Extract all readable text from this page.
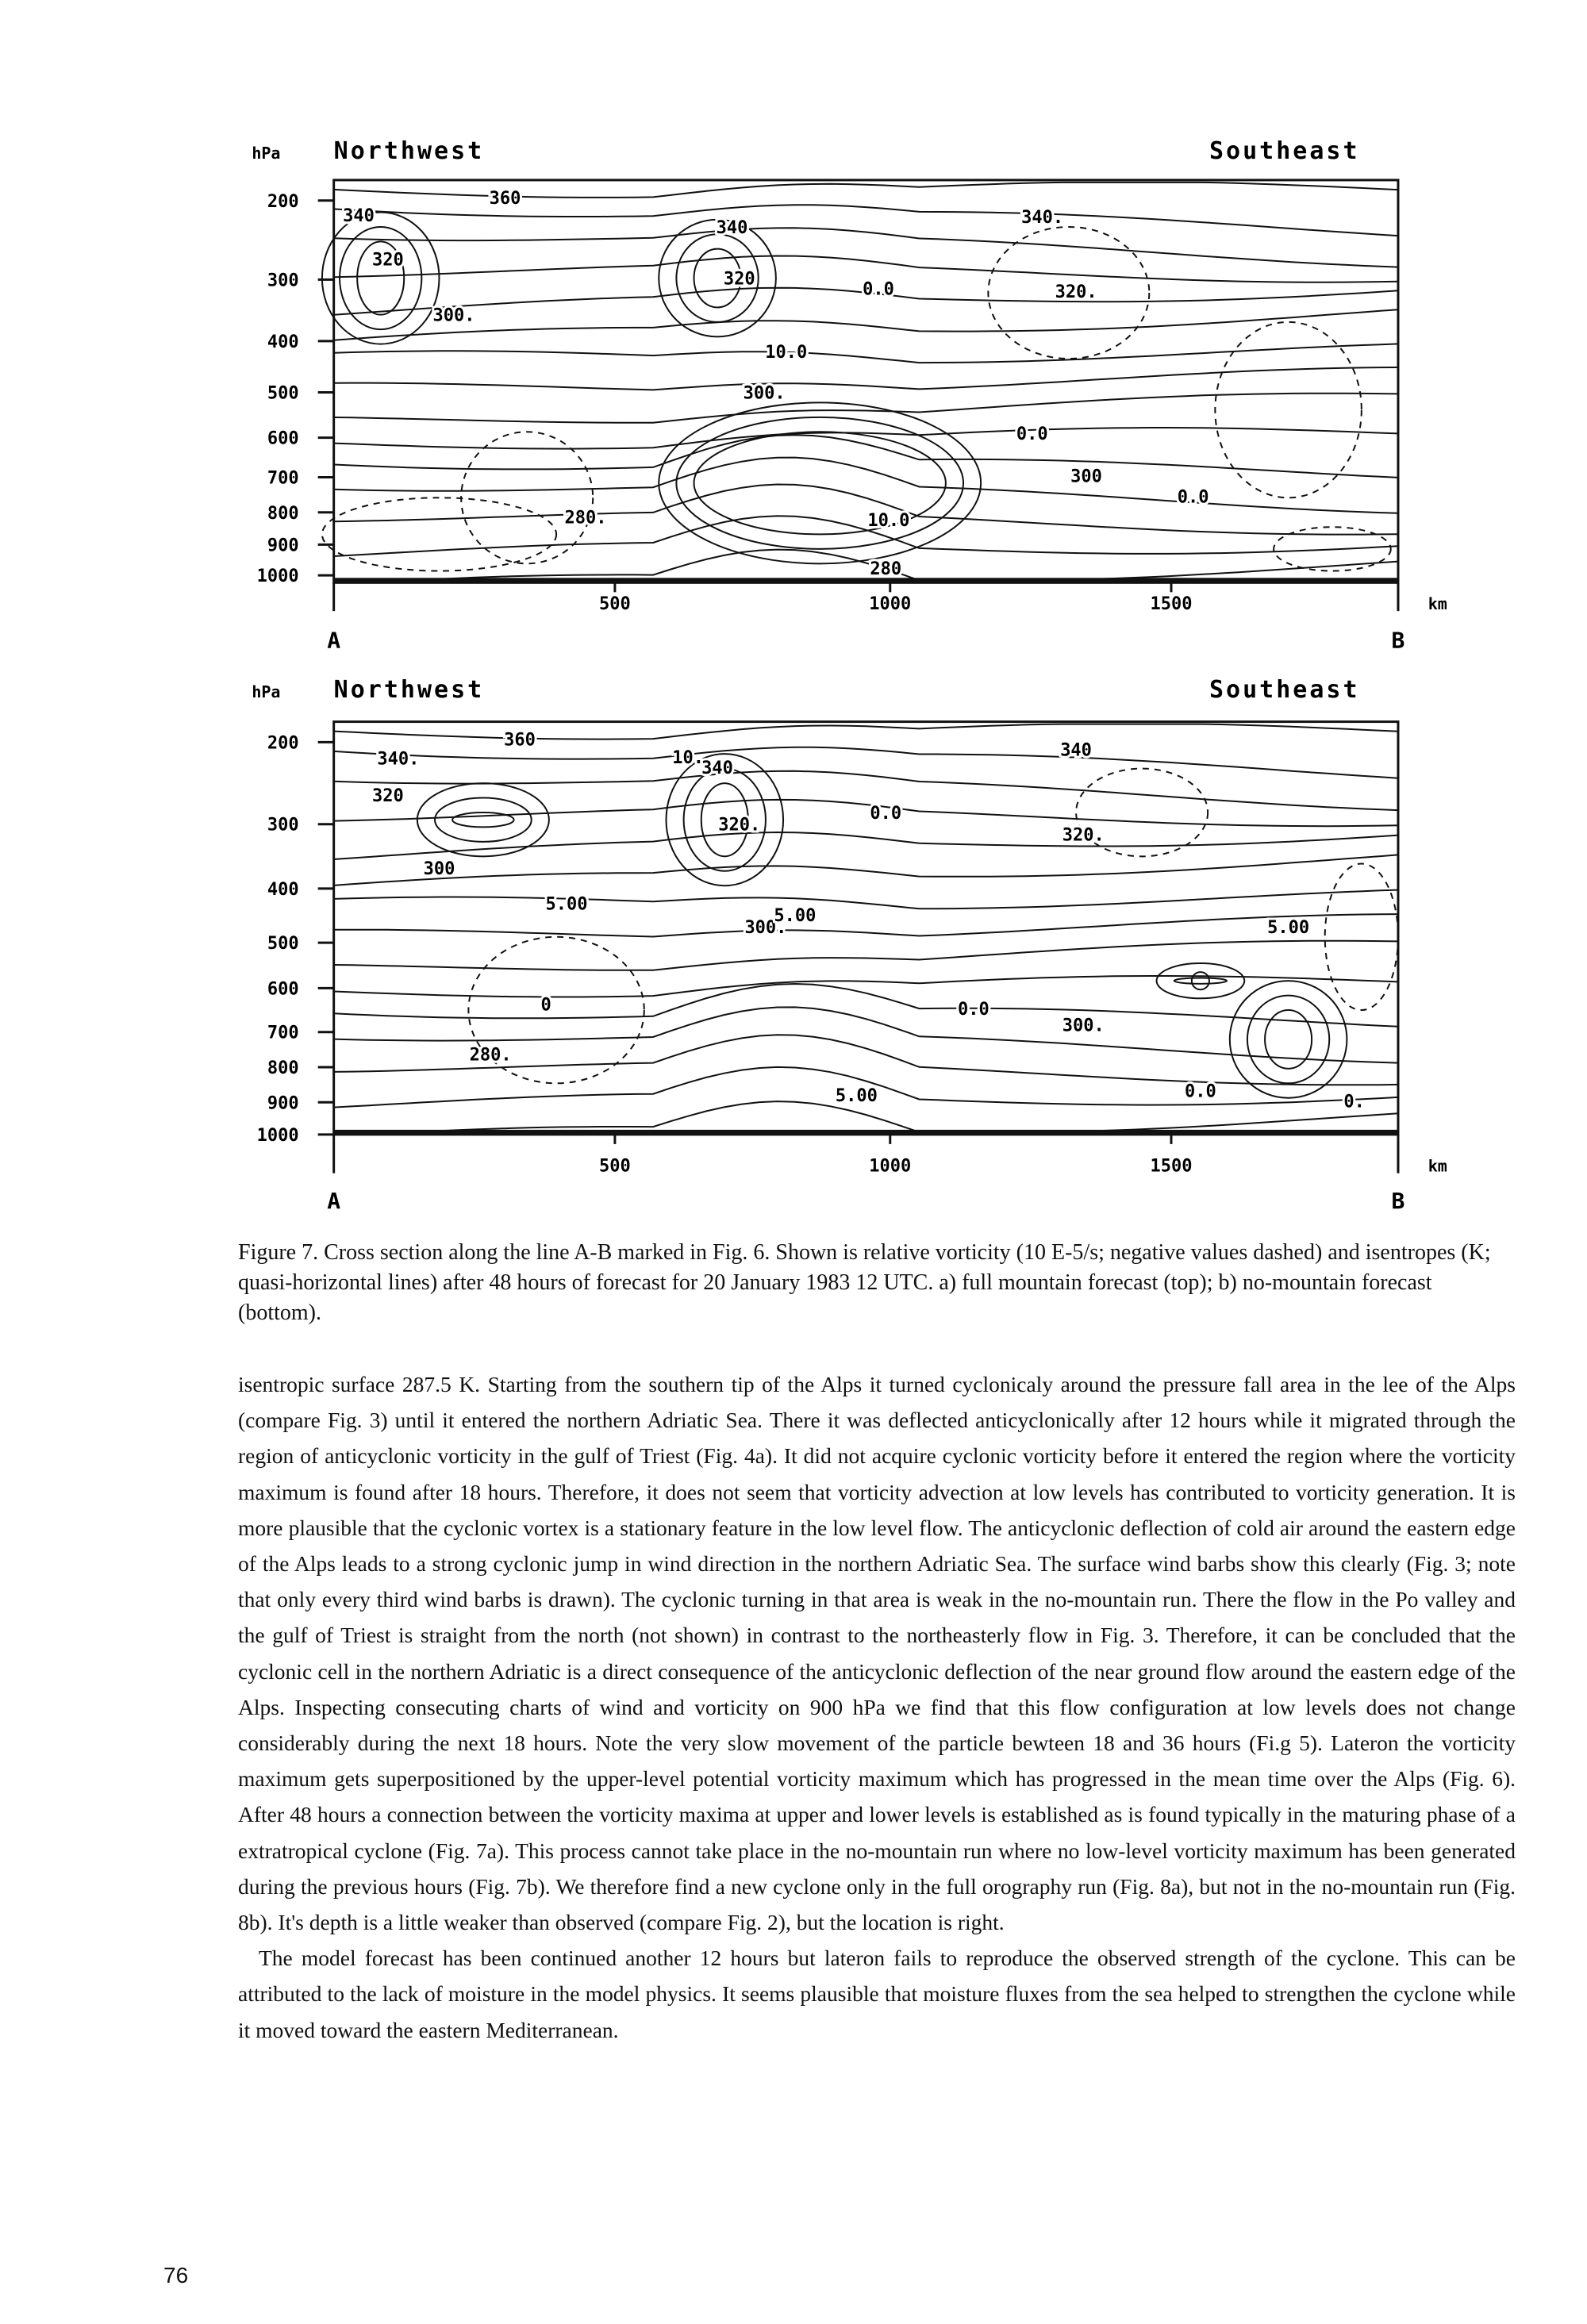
hPa Northwest	Southeast
200
300
400
500
600
700
800
900
1000
360
340
320
340
320
300.
10.0
0.0	320.
340.
300.
0.0
300
0.0
280.	10.0
280
500	1000	1500	km
A	B
hPa Northwest	Southeast
200
300
400
500
600
700
800
900
1000
360
340.	10.
340
320
320.
0.0
340
320.
300
5.00
300.
5.00
5.00
0	0.0
300.
280.
5.00	0.0
0.
500	1000	1500	km
A	B
Figure 7. Cross section along the line A-B marked in Fig. 6. Shown is relative vorticity (10 E-5/s; negative values dashed) and isentropes (K; quasi-horizontal lines) after 48 hours of forecast for 20 January 1983 12 UTC. a) full mountain forecast (top); b) no-mountain forecast (bottom).

isentropic surface 287.5 K. Starting from the southern tip of the Alps it turned cyclonicaly around the pressure fall area in the lee of the Alps (compare Fig. 3) until it entered the northern Adriatic Sea. There it was deflected anticyclonically after 12 hours while it migrated through the region of anticyclonic vorticity in the gulf of Triest (Fig. 4a). It did not acquire cyclonic vorticity before it entered the region where the vorticity maximum is found after 18 hours. Therefore, it does not seem that vorticity advection at low levels has contributed to vorticity generation. It is more plausible that the cyclonic vortex is a stationary feature in the low level flow. The anticyclonic deflection of cold air around the eastern edge of the Alps leads to a strong cyclonic jump in wind direction in the northern Adriatic Sea. The surface wind barbs show this clearly (Fig. 3; note that only every third wind barbs is drawn). The cyclonic turning in that area is weak in the no-mountain run. There the flow in the Po valley and the gulf of Triest is straight from the north (not shown) in contrast to the northeasterly flow in Fig. 3. Therefore, it can be concluded that the cyclonic cell in the northern Adriatic is a direct consequence of the anticyclonic deflection of the near ground flow around the eastern edge of the Alps. Inspecting consecuting charts of wind and vorticity on 900 hPa we find that this flow configuration at low levels does not change considerably during the next 18 hours. Note the very slow movement of the particle bewteen 18 and 36 hours (Fi.g 5). Lateron the vorticity maximum gets superpositioned by the upper-level potential vorticity maximum which has progressed in the mean time over the Alps (Fig. 6). After 48 hours a connection between the vorticity maxima at upper and lower levels is established as is found typically in the maturing phase of a extratropical cyclone (Fig. 7a). This process cannot take place in the no-mountain run where no low-level vorticity maximum has been generated during the previous hours (Fig. 7b). We therefore find a new cyclone only in the full orography run (Fig. 8a), but not in the no-mountain run (Fig. 8b). It's depth is a little weaker than observed (compare Fig. 2), but the location is right.

The model forecast has been continued another 12 hours but lateron fails to reproduce the observed strength of the cyclone. This can be attributed to the lack of moisture in the model physics. It seems plausible that moisture fluxes from the sea helped to strengthen the cyclone while it moved toward the eastern Mediterranean.

76
